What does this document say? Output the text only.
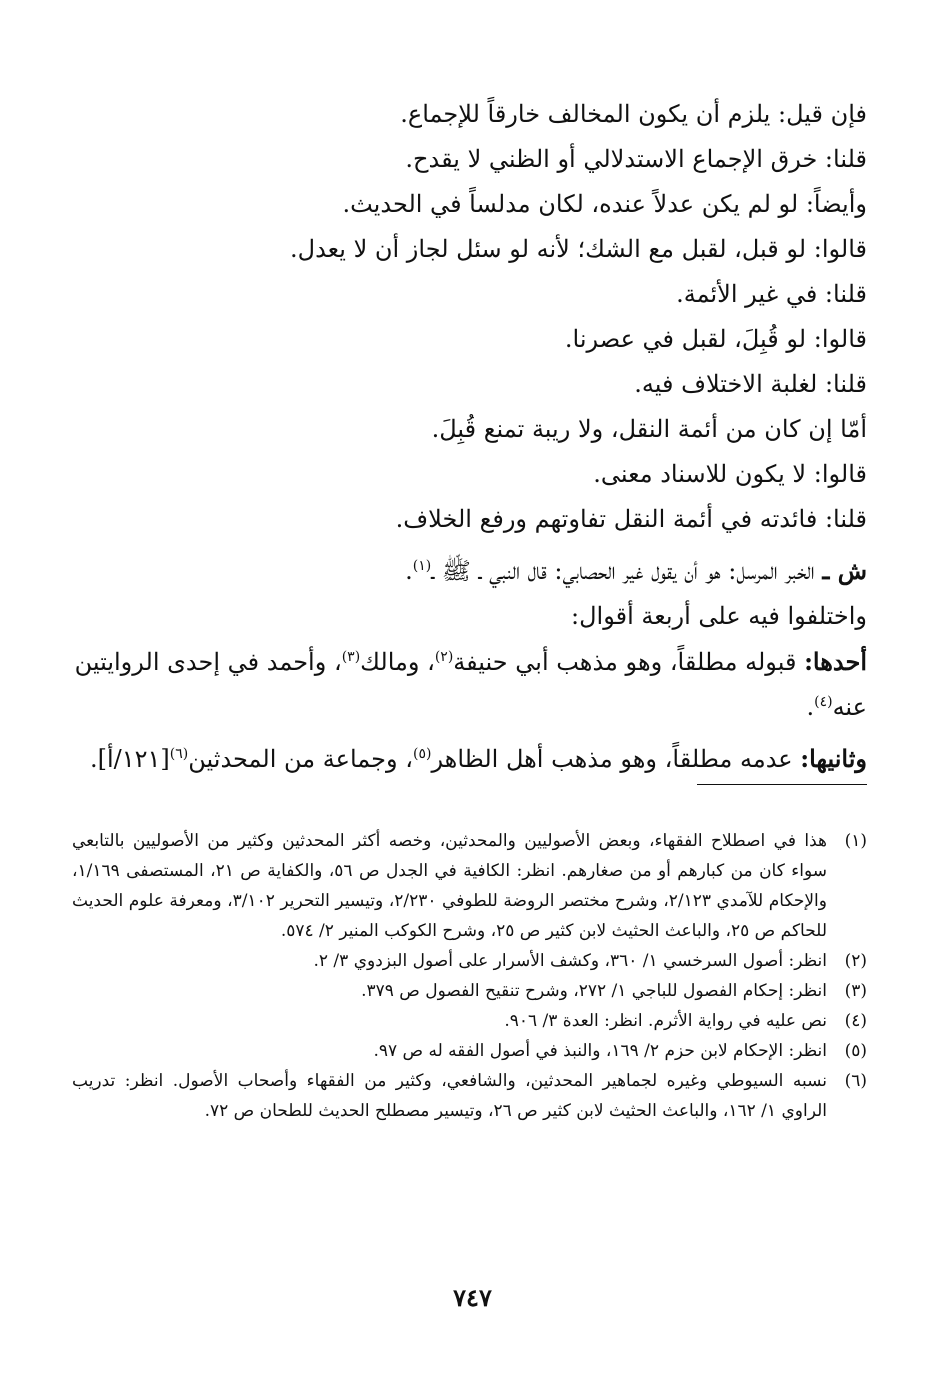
فإن قيل: يلزم أن يكون المخالف خارقاً للإجماع.
قلنا: خرق الإجماع الاستدلالي أو الظني لا يقدح.
وأيضاً: لو لم يكن عدلاً عنده، لكان مدلساً في الحديث.
قالوا: لو قبل، لقبل مع الشك؛ لأنه لو سئل لجاز أن لا يعدل.
قلنا: في غير الأئمة.
قالوا: لو قُبِلَ، لقبل في عصرنا.
قلنا: لغلبة الاختلاف فيه.
أمّا إن كان من أئمة النقل، ولا ريبة تمنع قُبِلَ.
قالوا: لا يكون للاسناد معنى.
قلنا: فائدته في أئمة النقل تفاوتهم ورفع الخلاف.
ش ـ الخبر المرسل: هو أن يقول غير الحصابي: قال النبي ـ ﷺ ـ$^{(١)}$.
واختلفوا فيه على أربعة أقوال:

أحدها: قبوله مطلقاً، وهو مذهب أبي حنيفة$^{(٢)}$، ومالك$^{(٣)}$، وأحمد في إحدى الروايتين عنه$^{(٤)}$.

وثانيها: عدمه مطلقاً، وهو مذهب أهل الظاهر$^{(٥)}$، وجماعة من المحدثين$^{(٦)}$[١٢١/أ].

(١)
هذا في اصطلاح الفقهاء، وبعض الأصوليين والمحدثين، وخصه أكثر المحدثين وكثير من الأصوليين بالتابعي سواء كان من كبارهم أو من صغارهم. انظر: الكافية في الجدل ص ٥٦، والكفاية ص ٢١، المستصفى ١/١٦٩، والإحكام للآمدي ٢/١٢٣، وشرح مختصر الروضة للطوفي ٢/٢٣٠، وتيسير التحرير ٣/١٠٢، ومعرفة علوم الحديث للحاكم ص ٢٥، والباعث الحثيث لابن كثير ص ٢٥، وشرح الكوكب المنير ٢/ ٥٧٤.
(٢)
انظر: أصول السرخسي ١/ ٣٦٠، وكشف الأسرار على أصول البزدوي ٣/ ٢.
(٣)
انظر: إحكام الفصول للباجي ١/ ٢٧٢، وشرح تنقيح الفصول ص ٣٧٩.
(٤)
نص عليه في رواية الأثرم. انظر: العدة ٣/ ٩٠٦.
(٥)
انظر: الإحكام لابن حزم ٢/ ١٦٩، والنبذ في أصول الفقه له ص ٩٧.
(٦)
نسبه السيوطي وغيره لجماهير المحدثين، والشافعي، وكثير من الفقهاء وأصحاب الأصول. انظر: تدريب الراوي ١/ ١٦٢، والباعث الحثيث لابن كثير ص ٢٦، وتيسير مصطلح الحديث للطحان ص ٧٢.
٧٤٧
